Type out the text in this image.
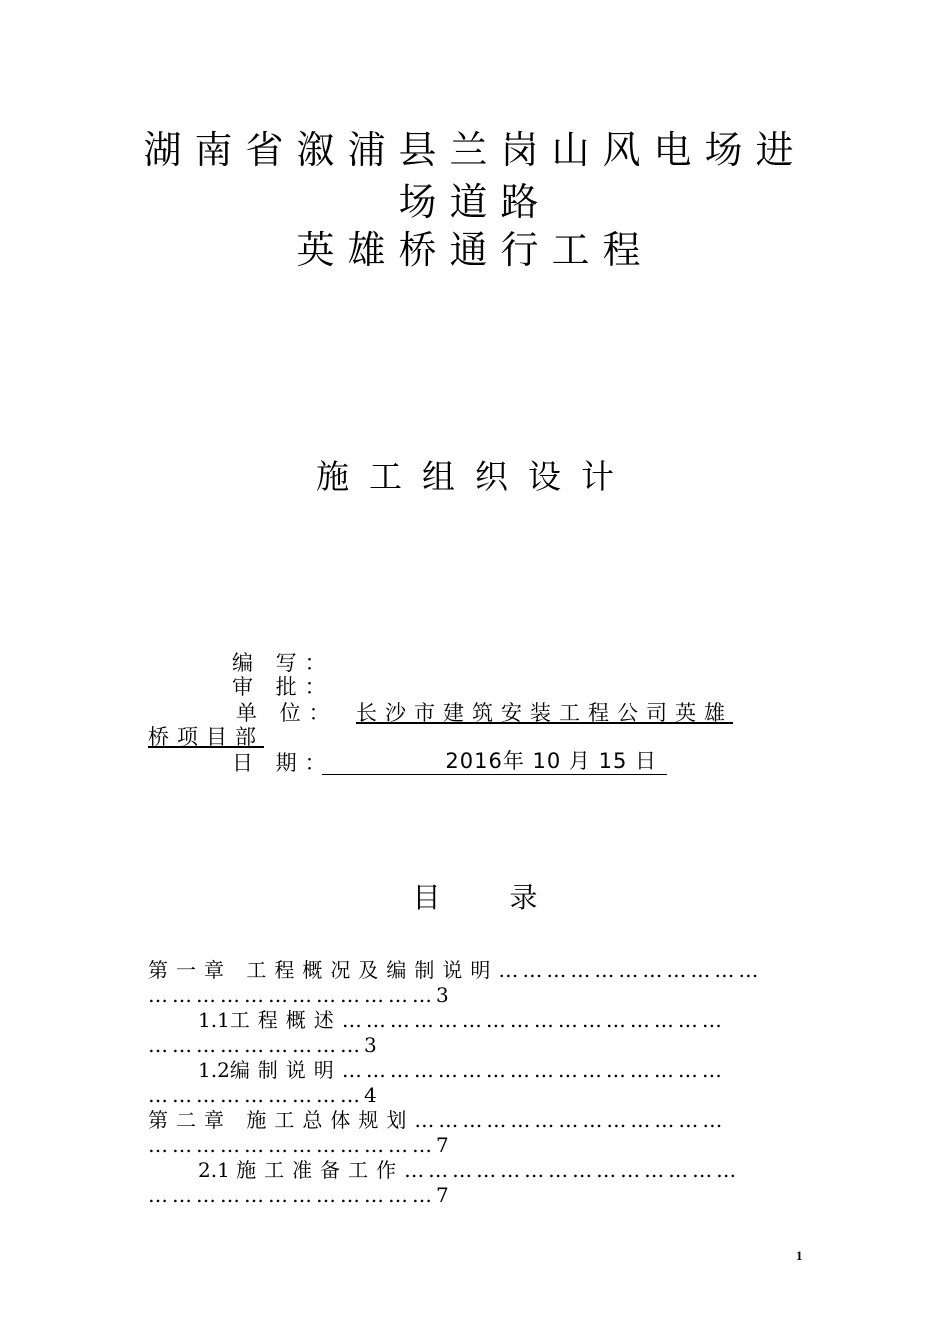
湖南省溆浦县兰岗山风电场进
场道路
英雄桥通行工程
施工组织设计
编 写：
审 批：
单 位： 长沙市建筑安装工程公司英雄
桥项目部
日 期：	2016年 10 月 15 日
目 录
第一章 工程概况及编制说明……………………………
………………………………3
1.1工程概述…………………………………………
………………………3
1.2编制说明…………………………………………
………………………4
第二章 施工总体规划…………………………………
………………………………7
2.1 施工准备工作……………………………………
………………………………7
1
